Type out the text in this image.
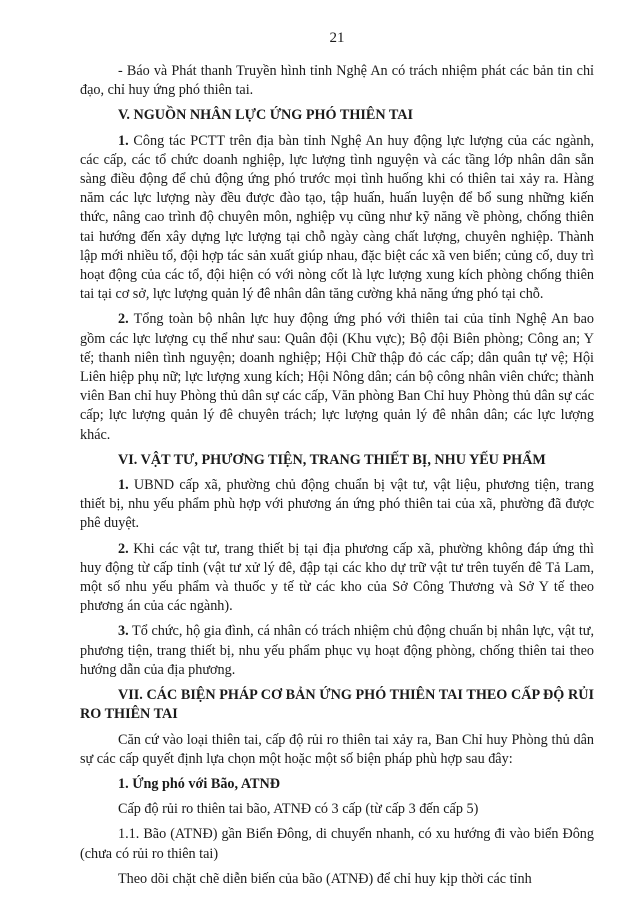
21

- Báo và Phát thanh Truyền hình tỉnh Nghệ An có trách nhiệm phát các bản tin chỉ đạo, chỉ huy ứng phó thiên tai.

V. NGUỒN NHÂN LỰC ỨNG PHÓ THIÊN TAI

1. Công tác PCTT trên địa bàn tỉnh Nghệ An huy động lực lượng của các ngành, các cấp, các tổ chức doanh nghiệp, lực lượng tình nguyện và các tầng lớp nhân dân sẵn sàng điều động để chủ động ứng phó trước mọi tình huống khi có thiên tai xảy ra. Hàng năm các lực lượng này đều được đào tạo, tập huấn, huấn luyện để bổ sung những kiến thức, nâng cao trình độ chuyên môn, nghiệp vụ cũng như kỹ năng về phòng, chống thiên tai hướng đến xây dựng lực lượng tại chỗ ngày càng chất lượng, chuyên nghiệp. Thành lập mới nhiều tổ, đội hợp tác sản xuất giúp nhau, đặc biệt các xã ven biển; củng cố, duy trì hoạt động của các tổ, đội hiện có với nòng cốt là lực lượng xung kích phòng chống thiên tai tại cơ sở, lực lượng quản lý đê nhân dân tăng cường khả năng ứng phó tại chỗ.

2. Tổng toàn bộ nhân lực huy động ứng phó với thiên tai của tỉnh Nghệ An bao gồm các lực lượng cụ thể như sau: Quân đội (Khu vực); Bộ đội Biên phòng; Công an; Y tế; thanh niên tình nguyện; doanh nghiệp; Hội Chữ thập đỏ các cấp; dân quân tự vệ; Hội Liên hiệp phụ nữ; lực lượng xung kích; Hội Nông dân; cán bộ công nhân viên chức; thành viên Ban chỉ huy Phòng thủ dân sự các cấp, Văn phòng Ban Chỉ huy Phòng thủ dân sự các cấp; lực lượng quản lý đê chuyên trách; lực lượng quản lý đê nhân dân; các lực lượng khác.

VI. VẬT TƯ, PHƯƠNG TIỆN, TRANG THIẾT BỊ, NHU YẾU PHẨM

1. UBND cấp xã, phường chủ động chuẩn bị vật tư, vật liệu, phương tiện, trang thiết bị, nhu yếu phẩm phù hợp với phương án ứng phó thiên tai của xã, phường đã được phê duyệt.

2. Khi các vật tư, trang thiết bị tại địa phương cấp xã, phường không đáp ứng thì huy động từ cấp tỉnh (vật tư xử lý đê, đập tại các kho dự trữ vật tư trên tuyến đê Tả Lam, một số nhu yếu phẩm và thuốc y tế từ các kho của Sở Công Thương và Sở Y tế theo phương án của các ngành).

3. Tổ chức, hộ gia đình, cá nhân có trách nhiệm chủ động chuẩn bị nhân lực, vật tư, phương tiện, trang thiết bị, nhu yếu phẩm phục vụ hoạt động phòng, chống thiên tai theo hướng dẫn của địa phương.

VII. CÁC BIỆN PHÁP CƠ BẢN ỨNG PHÓ THIÊN TAI THEO CẤP ĐỘ RỦI RO THIÊN TAI

Căn cứ vào loại thiên tai, cấp độ rủi ro thiên tai xảy ra, Ban Chỉ huy Phòng thủ dân sự các cấp quyết định lựa chọn một hoặc một số biện pháp phù hợp sau đây:

1. Ứng phó với Bão, ATNĐ

Cấp độ rủi ro thiên tai bão, ATNĐ có 3 cấp (từ cấp 3 đến cấp 5)

1.1. Bão (ATNĐ) gần Biển Đông, di chuyển nhanh, có xu hướng đi vào biển Đông (chưa có rủi ro thiên tai)

Theo dõi chặt chẽ diễn biến của bão (ATNĐ) để chỉ huy kịp thời các tỉnh
